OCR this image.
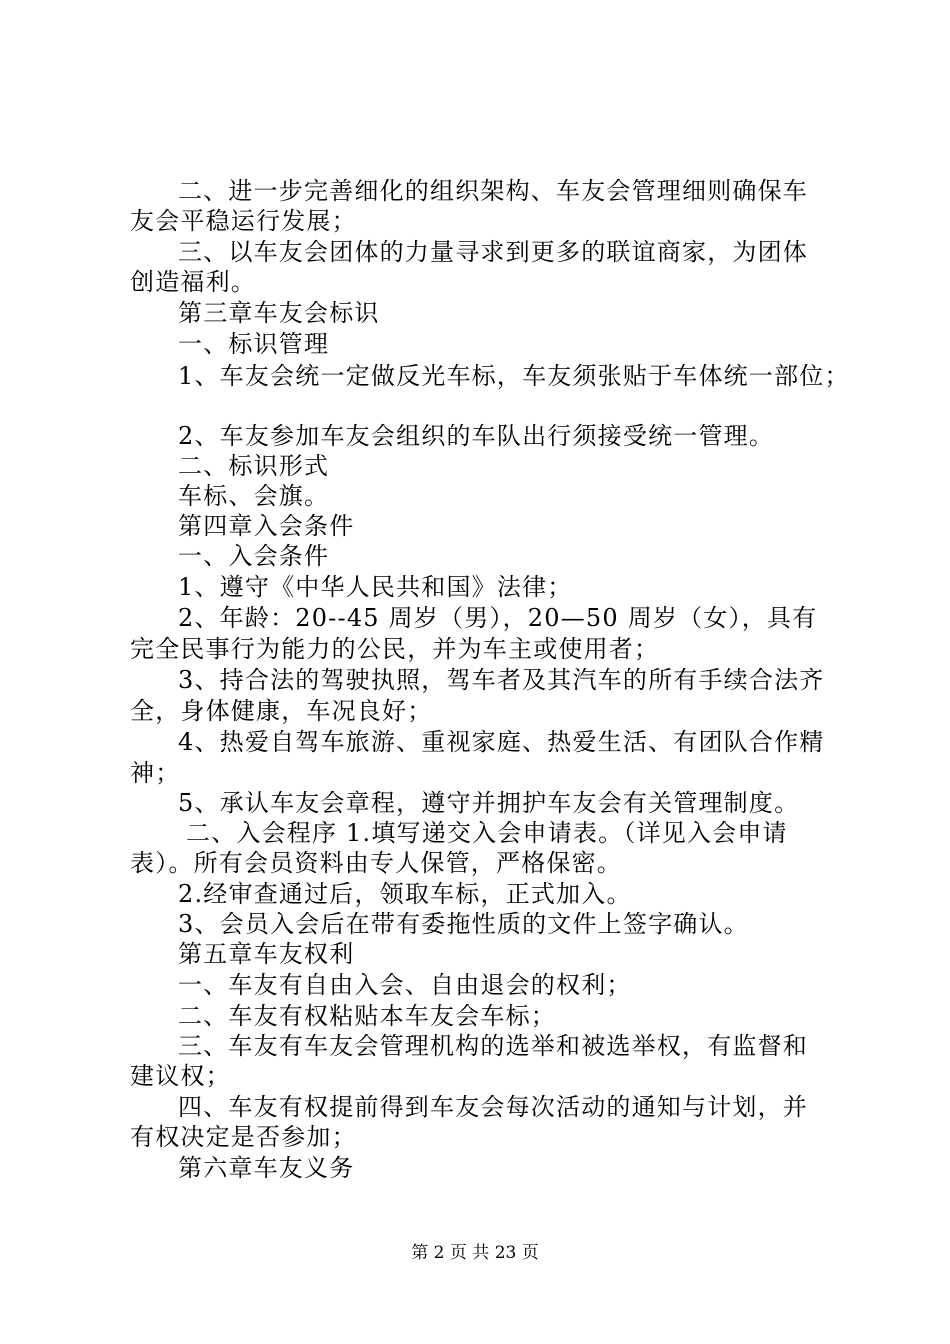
二、进一步完善细化的组织架构、车友会管理细则确保车
友会平稳运行发展；
三、以车友会团体的力量寻求到更多的联谊商家，为团体
创造福利。
第三章车友会标识
一、标识管理
1、车友会统一定做反光车标，车友须张贴于车体统一部位；
2、车友参加车友会组织的车队出行须接受统一管理。
二、标识形式
车标、会旗。
第四章入会条件
一、入会条件
1、遵守《中华人民共和国》法律；
2、年龄：20--45 周岁（男），20—50 周岁（女），具有
完全民事行为能力的公民，并为车主或使用者；
3、持合法的驾驶执照，驾车者及其汽车的所有手续合法齐
全，身体健康，车况良好；
4、热爱自驾车旅游、重视家庭、热爱生活、有团队合作精
神；
5、承认车友会章程，遵守并拥护车友会有关管理制度。
二、入会程序 1.填写递交入会申请表。（详见入会申请
表）。所有会员资料由专人保管，严格保密。
2.经审查通过后，领取车标，正式加入。
3、会员入会后在带有委拖性质的文件上签字确认。
第五章车友权利
一、车友有自由入会、自由退会的权利；
二、车友有权粘贴本车友会车标；
三、车友有车友会管理机构的选举和被选举权，有监督和
建议权；
四、车友有权提前得到车友会每次活动的通知与计划，并
有权决定是否参加；
第六章车友义务
第 2 页 共 23 页
